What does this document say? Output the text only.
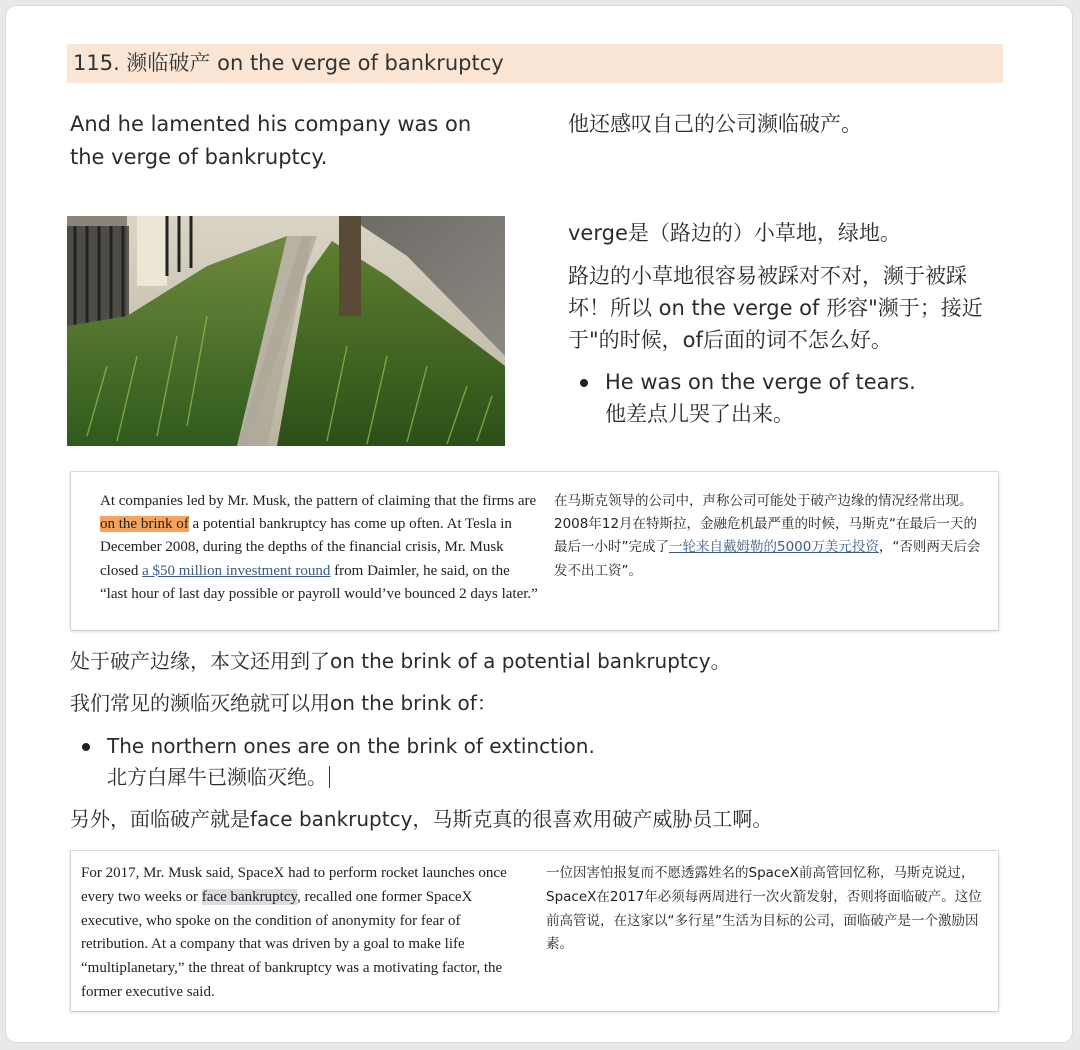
115. 濒临破产 on the verge of bankruptcy
And he lamented his company was on the verge of bankruptcy.
他还感叹自己的公司濒临破产。
verge是（路边的）小草地，绿地。
路边的小草地很容易被踩对不对，濒于被踩坏！所以 on the verge of 形容"濒于；接近于"的时候，of后面的词不怎么好。
He was on the verge of tears.
他差点儿哭了出来。
At companies led by Mr. Musk, the pattern of claiming that the firms are on the brink of a potential bankruptcy has come up often. At Tesla in December 2008, during the depths of the financial crisis, Mr. Musk closed a $50 million investment round from Daimler, he said, on the “last hour of last day possible or payroll would’ve bounced 2 days later.”
在马斯克领导的公司中，声称公司可能处于破产边缘的情况经常出现。2008年12月在特斯拉，金融危机最严重的时候，马斯克“在最后一天的最后一小时”完成了一轮来自戴姆勒的5000万美元投资，“否则两天后会发不出工资”。
处于破产边缘，本文还用到了on the brink of a potential bankruptcy。
我们常见的濒临灭绝就可以用on the brink of：
The northern ones are on the brink of extinction.
北方白犀牛已濒临灭绝。
另外，面临破产就是face bankruptcy，马斯克真的很喜欢用破产威胁员工啊。
For 2017, Mr. Musk said, SpaceX had to perform rocket launches once every two weeks or face bankruptcy, recalled one former SpaceX executive, who spoke on the condition of anonymity for fear of retribution. At a company that was driven by a goal to make life “multiplanetary,” the threat of bankruptcy was a motivating factor, the former executive said.
一位因害怕报复而不愿透露姓名的SpaceX前高管回忆称，马斯克说过，SpaceX在2017年必须每两周进行一次火箭发射，否则将面临破产。这位前高管说，在这家以“多行星”生活为目标的公司，面临破产是一个激励因素。
